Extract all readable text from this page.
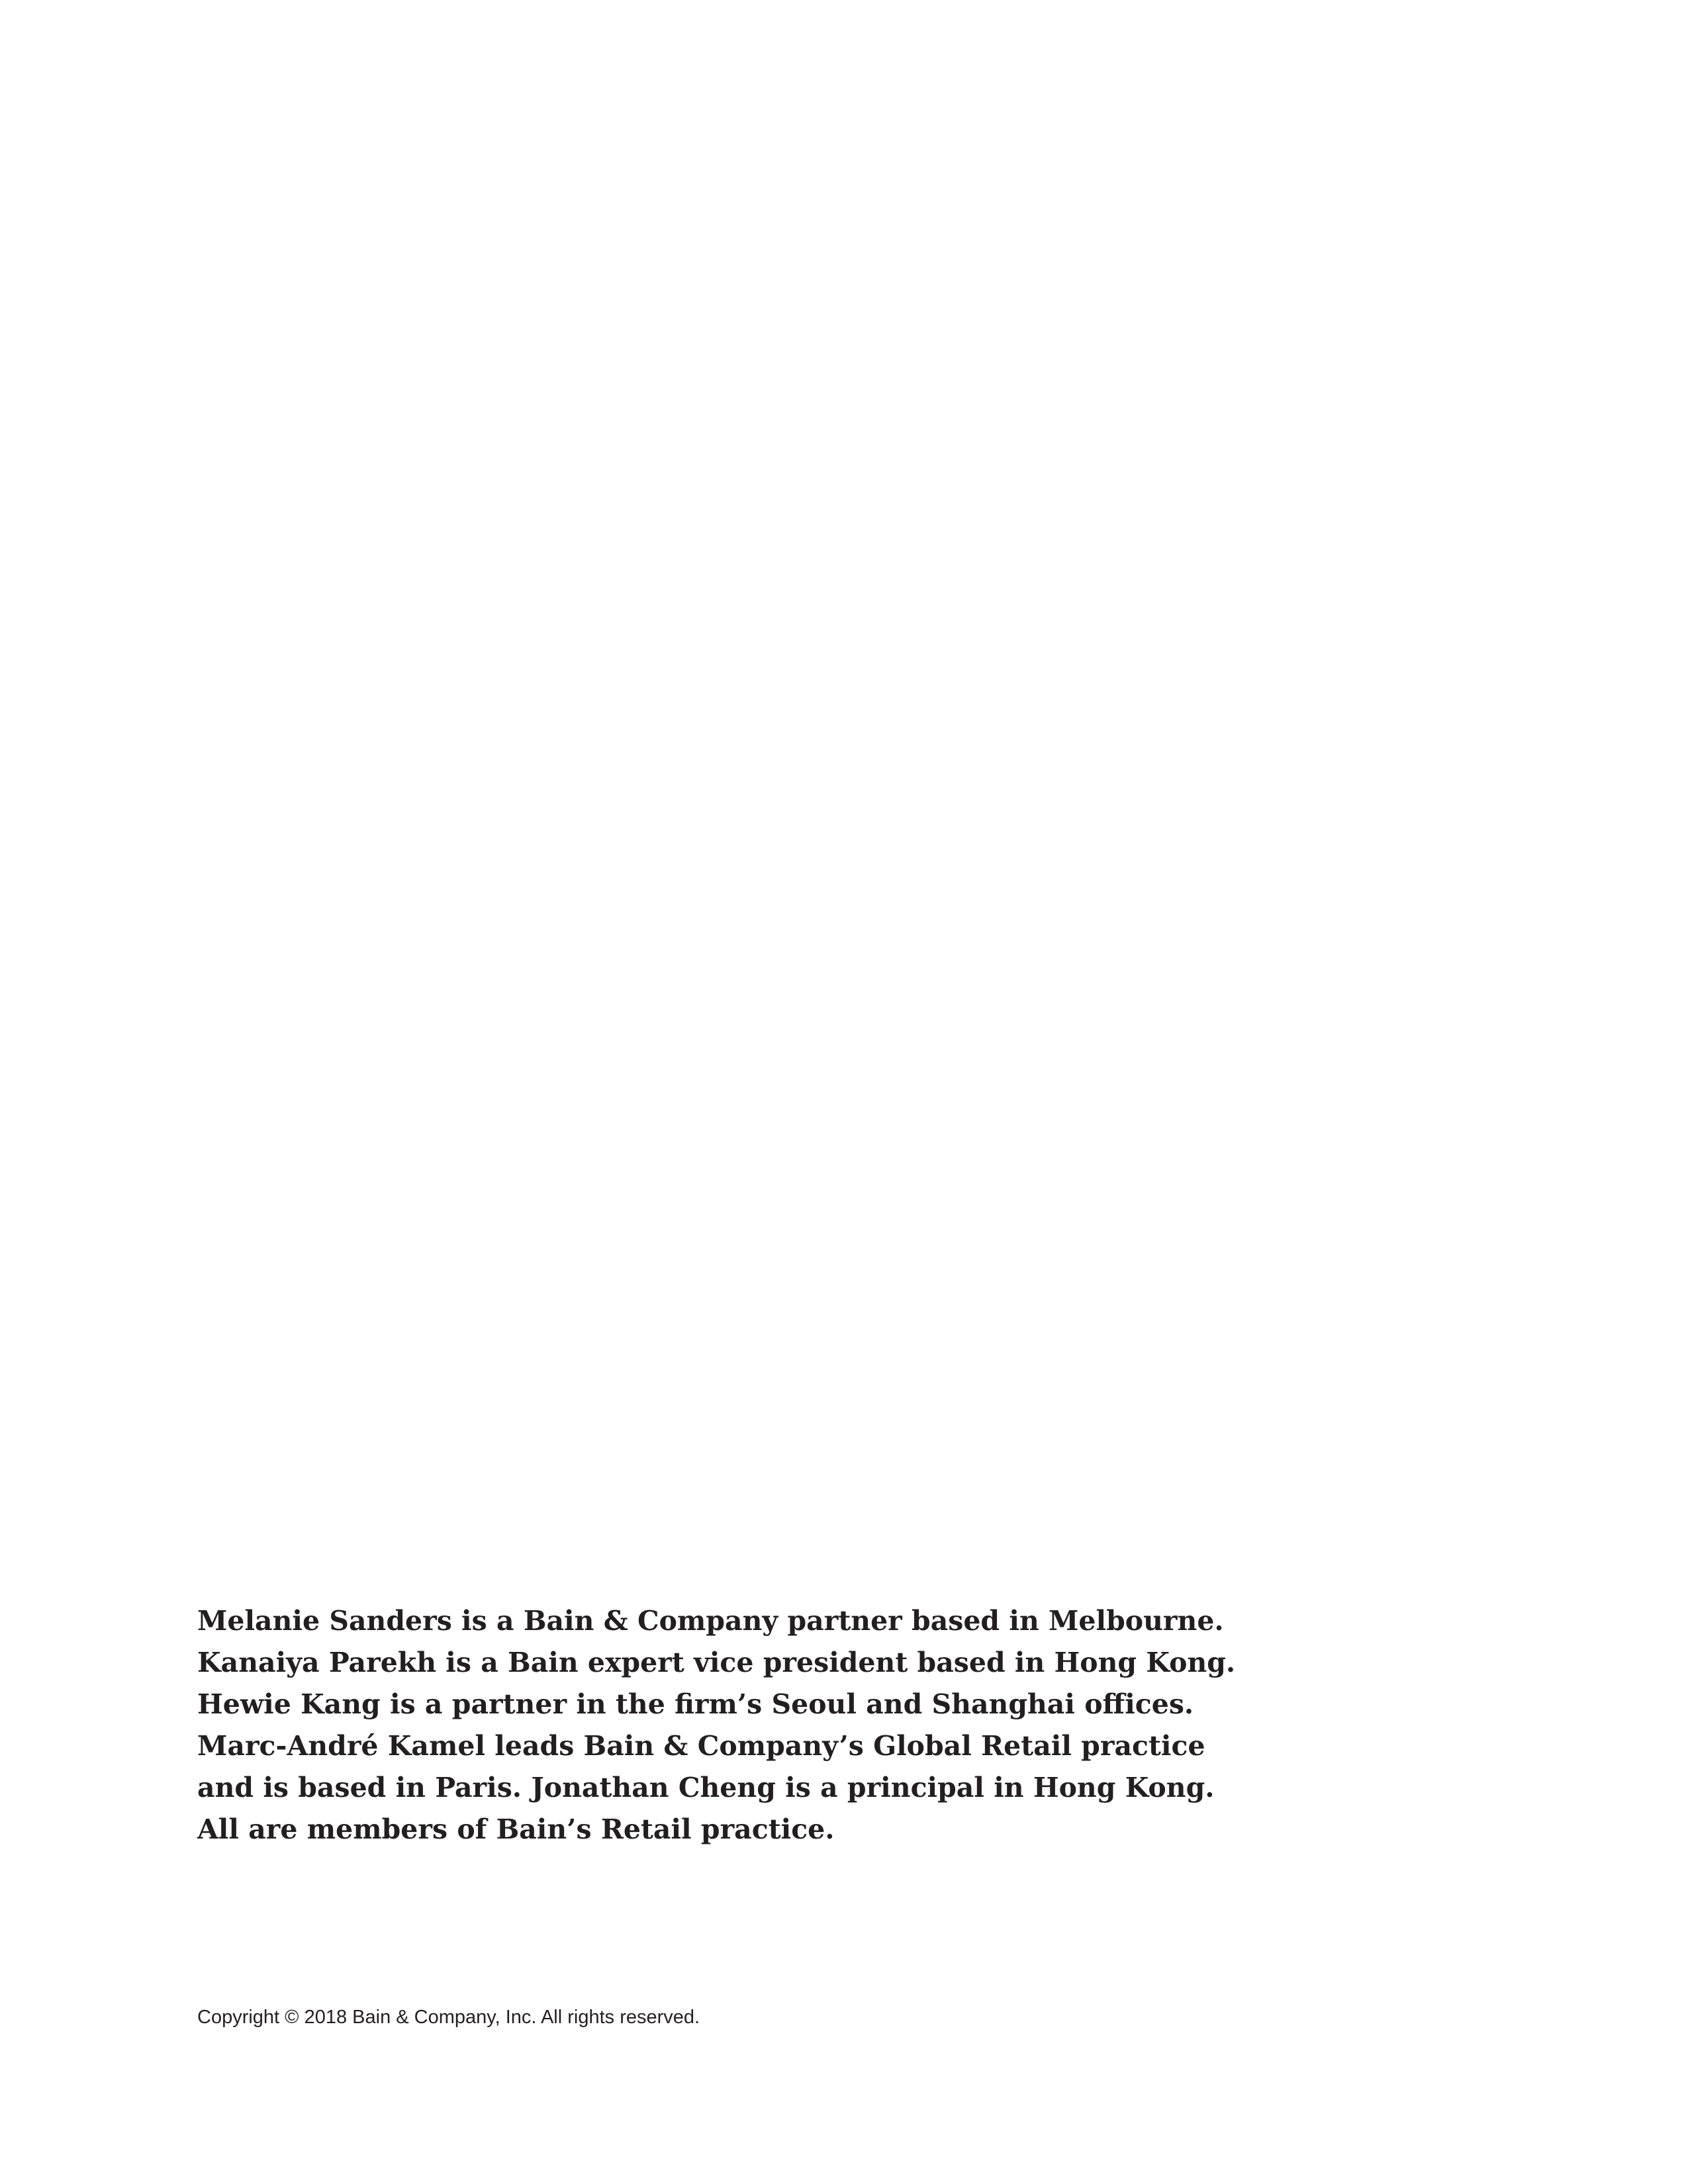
Melanie Sanders is a Bain & Company partner based in Melbourne.
Kanaiya Parekh is a Bain expert vice president based in Hong Kong.
Hewie Kang is a partner in the firm’s Seoul and Shanghai offices.
Marc-André Kamel leads Bain & Company’s Global Retail practice
and is based in Paris. Jonathan Cheng is a principal in Hong Kong.
All are members of Bain’s Retail practice.
Copyright © 2018 Bain & Company, Inc. All rights reserved.
